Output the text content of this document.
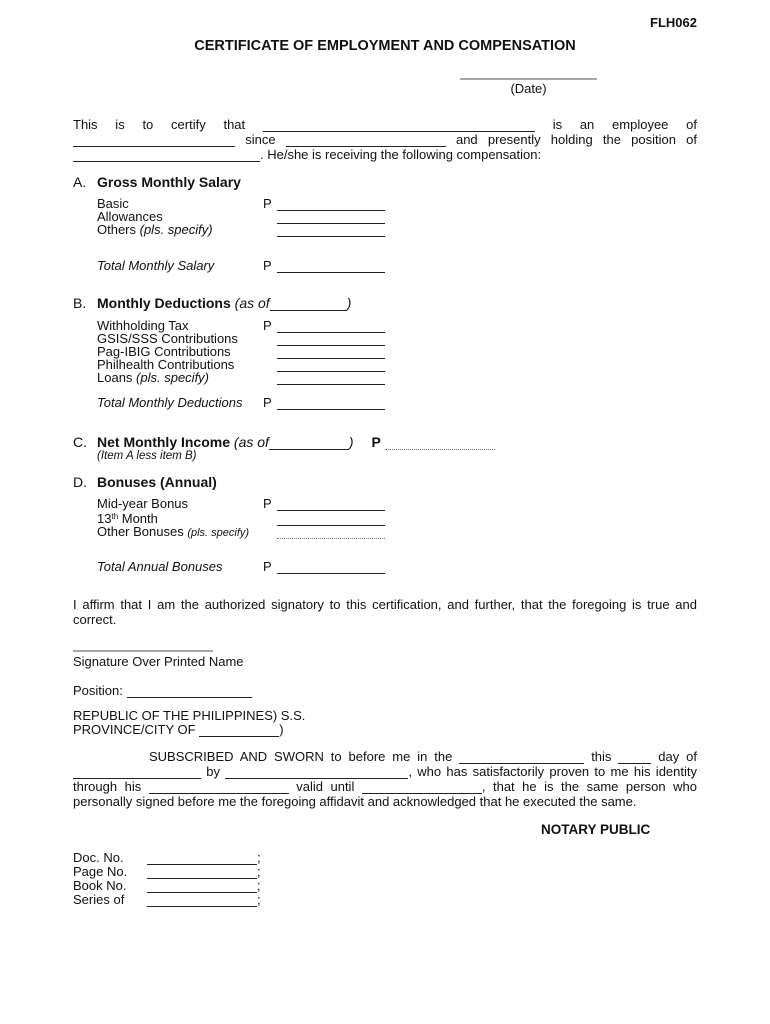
FLH062
CERTIFICATE OF EMPLOYMENT AND COMPENSATION
(Date)
This is to certify that	is an employee of
since	and presently holding the position of
. He/she is receiving the following compensation:
A. Gross Monthly Salary
Basic	P
Allowances
Others (pls. specify)
Total Monthly Salary	P
B. Monthly Deductions (as of	)
Withholding Tax	P
GSIS/SSS Contributions
Pag-IBIG Contributions
Philhealth Contributions
Loans (pls. specify)
Total Monthly Deductions P
C. Net Monthly Income (as of	) P
(Item A less item B)
D. Bonuses (Annual)
Mid-year Bonus	P
13th Month
Other Bonuses (pls. specify)
Total Annual Bonuses	P
I affirm that I am the authorized signatory to this certification, and further, that the foregoing is true and
correct.
Signature Over Printed Name
Position:
REPUBLIC OF THE PHILIPPINES) S.S.
PROVINCE/CITY OF	)
SUBSCRIBED AND SWORN to before me in the	this	day of
by	, who has satisfactorily proven to me his identity
through his	valid until	, that he is the same person who
personally signed before me the foregoing affidavit and acknowledged that he executed the same.
NOTARY PUBLIC
Doc. No.	;
Page No.	;
Book No.	;
Series of	;
